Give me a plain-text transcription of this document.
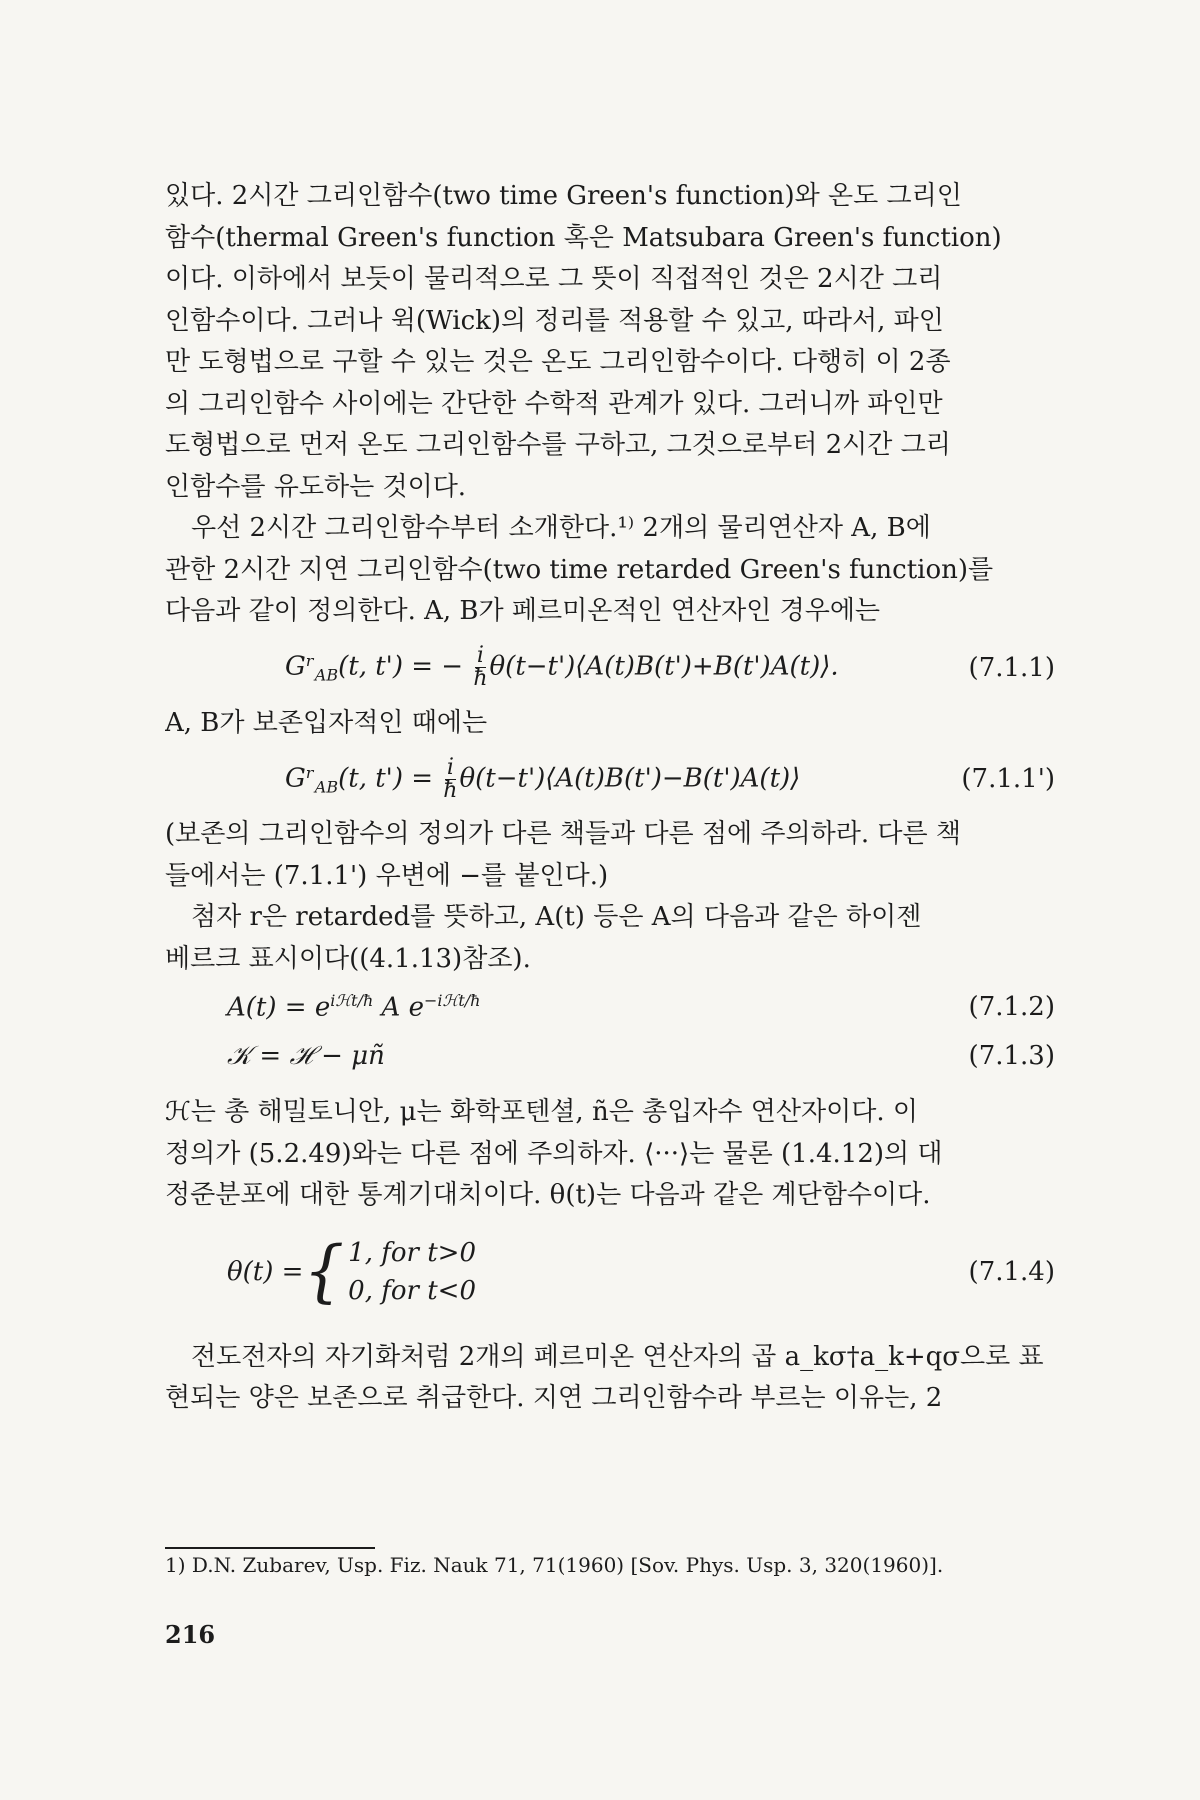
있다. 2시간 그리인함수(two time Green's function)와 온도 그리인

함수(thermal Green's function 혹은 Matsubara Green's function)

이다. 이하에서 보듯이 물리적으로 그 뜻이 직접적인 것은 2시간 그리

인함수이다. 그러나 윅(Wick)의 정리를 적용할 수 있고, 따라서, 파인

만 도형법으로 구할 수 있는 것은 온도 그리인함수이다. 다행히 이 2종

의 그리인함수 사이에는 간단한 수학적 관계가 있다. 그러니까 파인만

도형법으로 먼저 온도 그리인함수를 구하고, 그것으로부터 2시간 그리

인함수를 유도하는 것이다.

우선 2시간 그리인함수부터 소개한다.¹⁾ 2개의 물리연산자 A, B에

관한 2시간 지연 그리인함수(two time retarded Green's function)를

다음과 같이 정의한다. A, B가 페르미온적인 연산자인 경우에는

Gʳ$_{AB}$(t, t') = − $\frac{i}{ħ}$ θ(t−t')⟨A(t)B(t')+B(t')A(t)⟩.	(7.1.1)

A, B가 보존입자적인 때에는

Gʳ$_{AB}$(t, $t') = \frac{i}{ħ}$ θ(t−t')⟨A(t)B(t')−B(t')A(t)⟩	(7.1.1')

(보존의 그리인함수의 정의가 다른 책들과 다른 점에 주의하라. 다른 책

들에서는 (7.1.1') 우변에 −를 붙인다.)

첨자 r은 retarded를 뜻하고, A(t) 등은 A의 다음과 같은 하이젠

베르크 표시이다((4.1.13)참조).

$A(t) = e^{iℋt/ħ}$ A $e^{-iℋt/ħ}$	(7.1.2)
𝒦 = ℋ − μñ	(7.1.3)

ℋ는 총 해밀토니안, μ는 화학포텐셜, ñ은 총입자수 연산자이다. 이

정의가 (5.2.49)와는 다른 점에 주의하자. ⟨···⟩는 물론 (1.4.12)의 대

정준분포에 대한 통계기대치이다. θ(t)는 다음과 같은 계단함수이다.

θ(t) = { 1, for t>0
0, for t<0
(7.1.4)

전도전자의 자기화처럼 2개의 페르미온 연산자의 곱 a_kσ†a_k+qσ으로 표

현되는 양은 보존으로 취급한다. 지연 그리인함수라 부르는 이유는, 2

1) D.N. Zubarev, Usp. Fiz. Nauk 71, 71(1960) [Sov. Phys. Usp. 3, 320(1960)].
216
